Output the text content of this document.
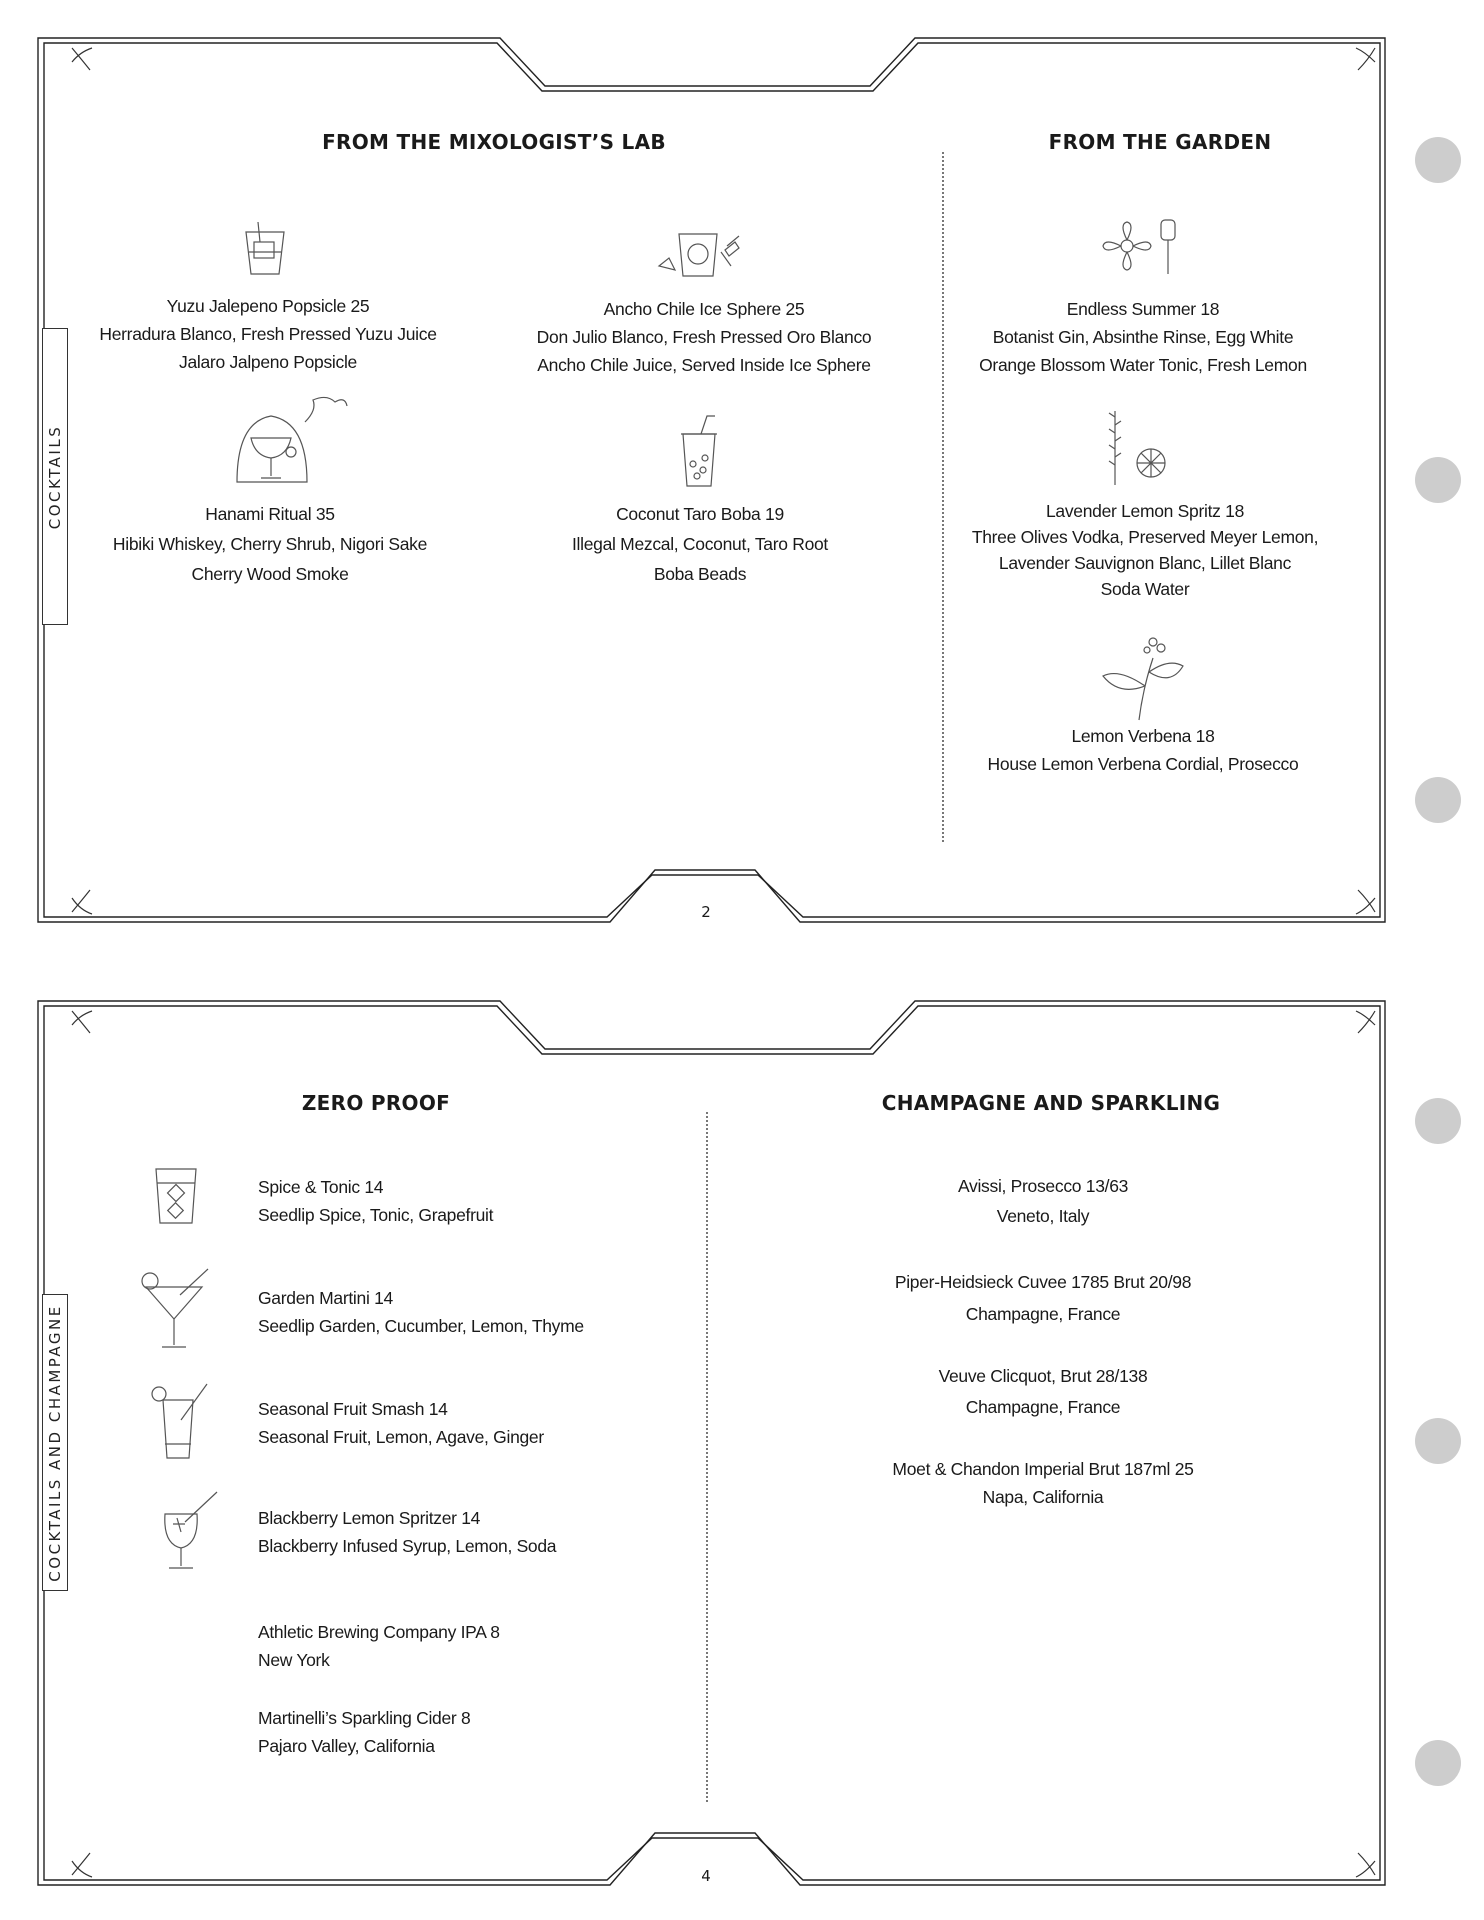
COCKTAILS
FROM THE MIXOLOGIST’S LAB	FROM THE GARDEN
Yuzu Jalepeno Popsicle 25
Herradura Blanco, Fresh Pressed Yuzu Juice
Jalaro Jalpeno Popsicle
Ancho Chile Ice Sphere 25
Don Julio Blanco, Fresh Pressed Oro Blanco
Ancho Chile Juice, Served Inside Ice Sphere
Hanami Ritual 35
Hibiki Whiskey, Cherry Shrub, Nigori Sake
Cherry Wood Smoke
Coconut Taro Boba 19
Illegal Mezcal, Coconut, Taro Root
Boba Beads
Endless Summer 18
Botanist Gin, Absinthe Rinse, Egg White
Orange Blossom Water Tonic, Fresh Lemon
Lavender Lemon Spritz 18
Three Olives Vodka, Preserved Meyer Lemon,
Lavender Sauvignon Blanc, Lillet Blanc
Soda Water
Lemon Verbena 18
House Lemon Verbena Cordial, Prosecco
2
COCKTAILS AND CHAMPAGNE
ZERO PROOF	CHAMPAGNE AND SPARKLING
Spice & Tonic 14
Seedlip Spice, Tonic, Grapefruit
Garden Martini 14
Seedlip Garden, Cucumber, Lemon, Thyme
Seasonal Fruit Smash 14
Seasonal Fruit, Lemon, Agave, Ginger
Blackberry Lemon Spritzer 14
Blackberry Infused Syrup, Lemon, Soda
Athletic Brewing Company IPA 8
New York
Martinelli’s Sparkling Cider 8
Pajaro Valley, California
Avissi, Prosecco 13/63
Veneto, Italy
Piper-Heidsieck Cuvee 1785 Brut 20/98
Champagne, France
Veuve Clicquot, Brut 28/138
Champagne, France
Moet & Chandon Imperial Brut 187ml 25
Napa, California
4
